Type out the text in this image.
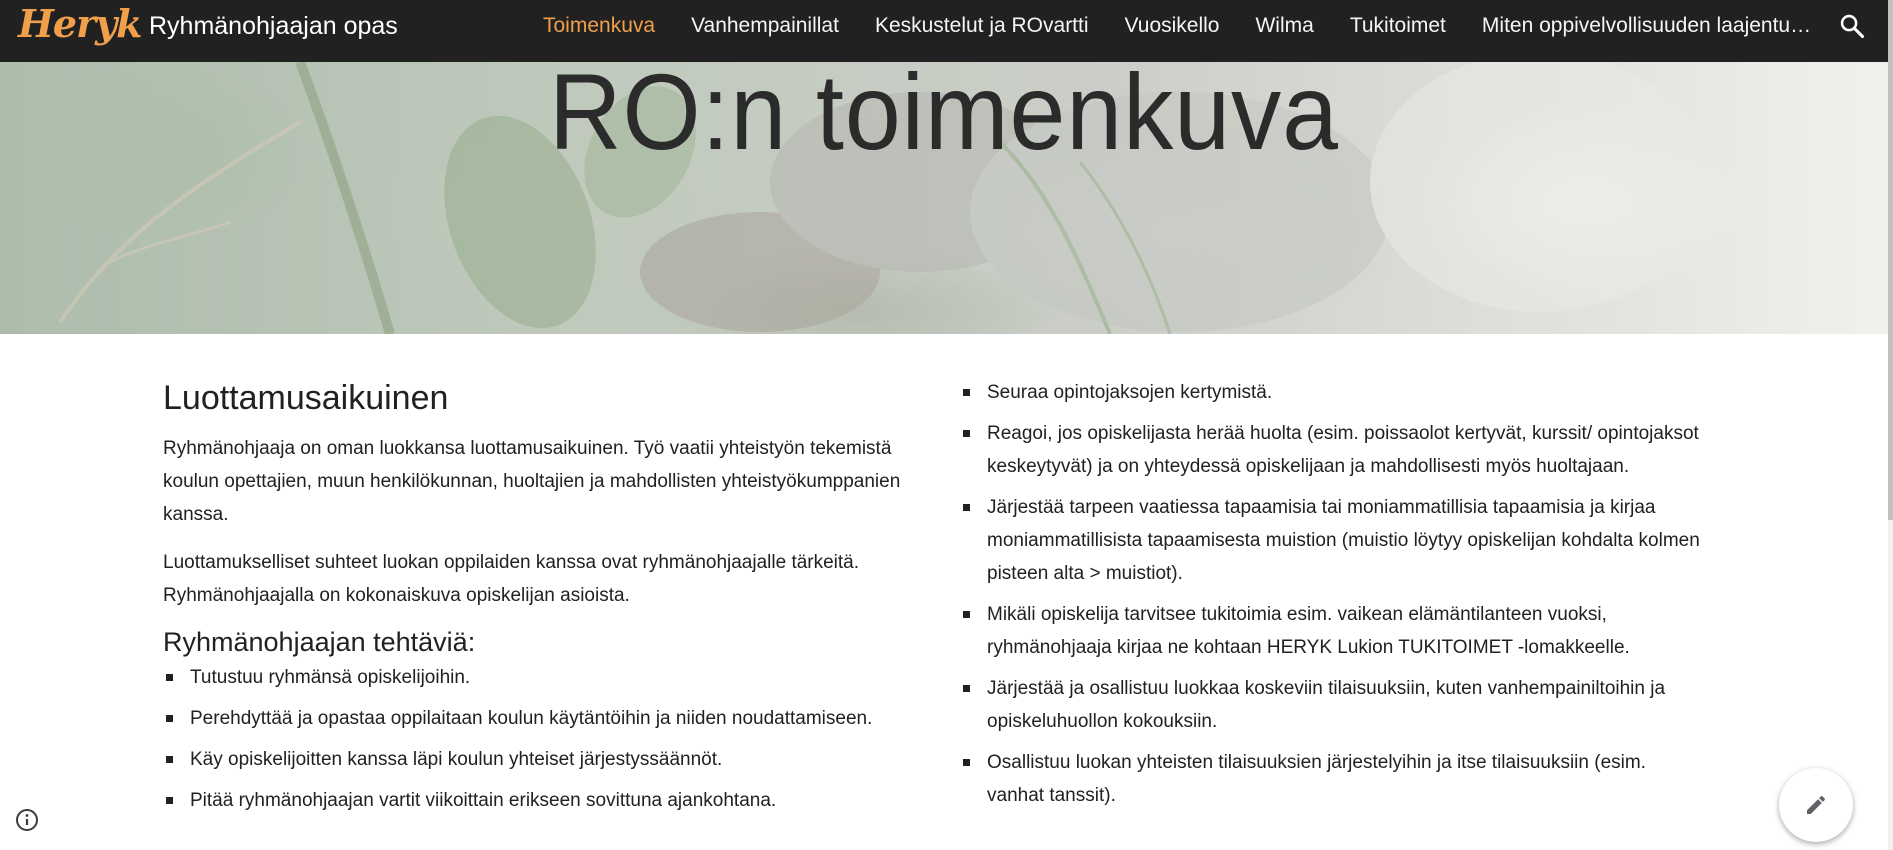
Heryk Ryhmänohjaajan opas	Toimenkuva Vanhempainillat Keskustelut ja ROvartti Vuosikello Wilma Tukitoimet Miten oppivelvollisuuden laajentu…
RO:n toimenkuva
Luottamusaikuinen

Ryhmänohjaaja on oman luokkansa luottamusaikuinen. Työ vaatii yhteistyön tekemistä koulun opettajien, muun henkilökunnan, huoltajien ja mahdollisten yhteistyökumppanien kanssa.

Luottamukselliset suhteet luokan oppilaiden kanssa ovat ryhmänohjaajalle tärkeitä. Ryhmänohjaajalla on kokonaiskuva opiskelijan asioista.

Ryhmänohjaajan tehtäviä:
Tutustuu ryhmänsä opiskelijoihin.
Perehdyttää ja opastaa oppilaitaan koulun käytäntöihin ja niiden noudattamiseen.
Käy opiskelijoitten kanssa läpi koulun yhteiset järjestyssäännöt.
Pitää ryhmänohjaajan vartit viikoittain erikseen sovittuna ajankohtana.
Seuraa opintojaksojen kertymistä.
Reagoi, jos opiskelijasta herää huolta (esim. poissaolot kertyvät, kurssit/ opintojaksot keskeytyvät) ja on yhteydessä opiskelijaan ja mahdollisesti myös huoltajaan.
Järjestää tarpeen vaatiessa tapaamisia tai moniammatillisia tapaamisia ja kirjaa moniammatillisista tapaamisesta muistion (muistio löytyy opiskelijan kohdalta kolmen pisteen alta > muistiot).
Mikäli opiskelija tarvitsee tukitoimia esim. vaikean elämäntilanteen vuoksi, ryhmänohjaaja kirjaa ne kohtaan HERYK Lukion TUKITOIMET -lomakkeelle.
Järjestää ja osallistuu luokkaa koskeviin tilaisuuksiin, kuten vanhempainiltoihin ja opiskeluhuollon kokouksiin.
Osallistuu luokan yhteisten tilaisuuksien järjestelyihin ja itse tilaisuuksiin (esim. vanhat tanssit).
